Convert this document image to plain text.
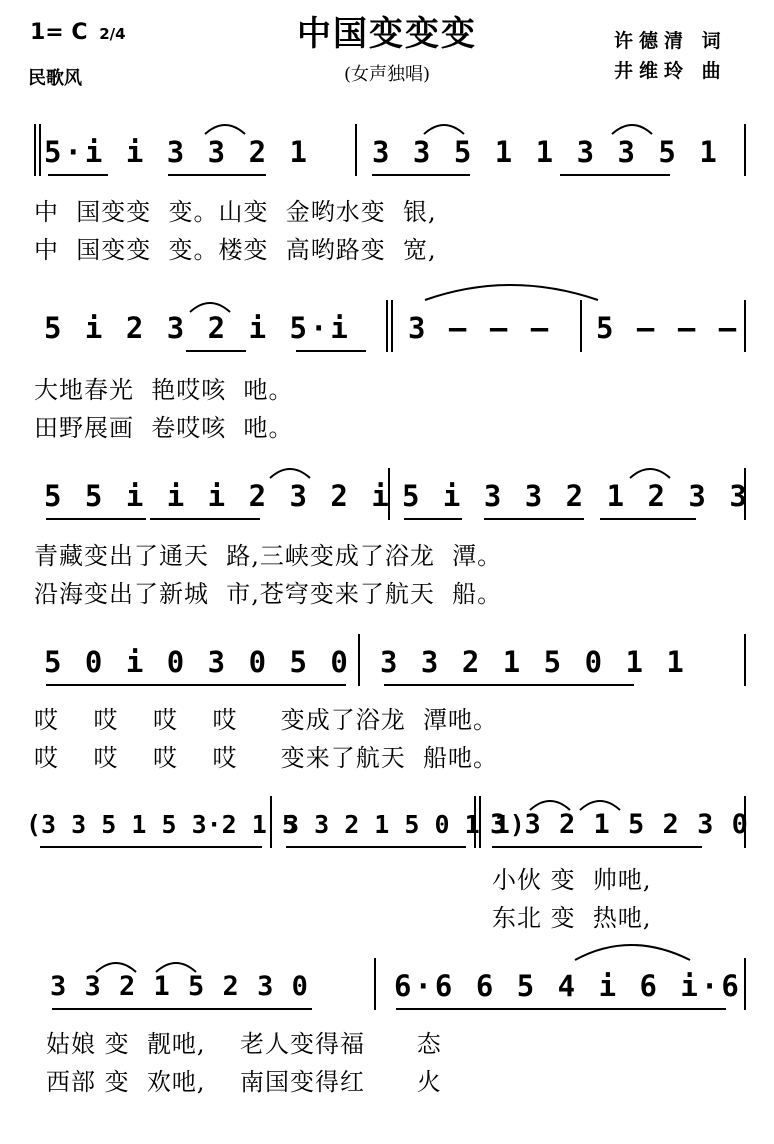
1= C 2/4
民歌风
中国变变变
(女声独唱)
许德清 词
井维玲 曲
5·i i 3 3 2 1 3 3 5 1 1 3 3 5 1
中  国变变  变。山变  金哟水变  银,
中  国变变  变。楼变  高哟路变  宽,
5 i 2 3 2 i 5·i 3 — — — 5 — — —
大地春光  艳哎咳  吔。
田野展画  卷哎咳  吔。
5 5 i i i 2 3 2 i 5 i 3 3 2 1 2 3 3
青藏变出了通天  路,三峡变成了浴龙  潭。
沿海变出了新城  市,苍穹变来了航天  船。
5 0 i 0 3 0 5 0 3 3 2 1 5 0 1 1
哎    哎    哎    哎     变成了浴龙  潭吔。
哎    哎    哎    哎     变来了航天  船吔。
(3 3 5 1 5 3·2 1 5
3 3 2 1 5 0 1 1)
3 3 2 1 5 2 3 0
小伙 变  帅吔,
东北 变  热吔,
3 3 2 1 5 2 3 0	6·6 6 5 4 i 6 i·6
姑娘 变  靓吔,    老人变得福      态
西部 变  欢吔,    南国变得红      火
